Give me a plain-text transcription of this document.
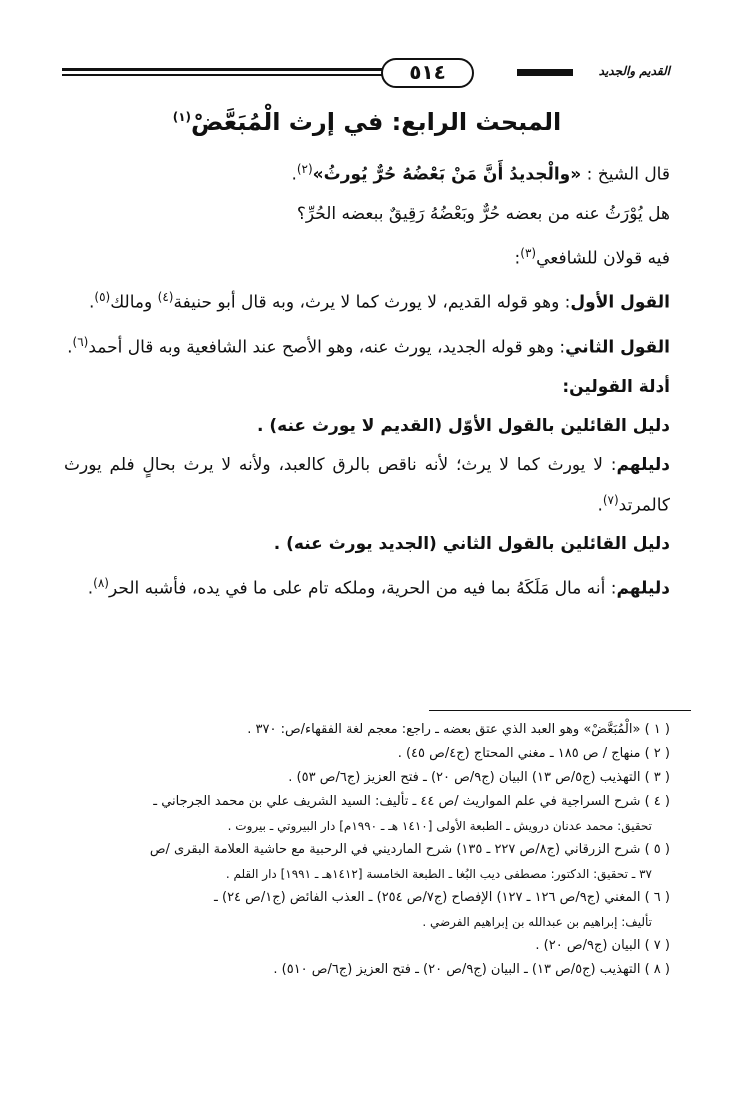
القديم والجديد
٥١٤
المبحث الرابع: في إرث الْمُبَعَّضْ$^{(١)}$
قال الشيخ : «والْجديدُ أَنَّ مَنْ بَعْضُهُ حُرٌّ يُورثُ»$^{(٢)}$.
هل يُوْرَثُ عنه من بعضه حُرٌّ وبَعْضُهُ رَقِيقٌ ببعضه الحُرِّ؟
فيه قولان للشافعي$^{(٣)}$:
القول الأول: وهو قوله القديم، لا يورث كما لا يرث، وبه قال أبو حنيفة$^{(٤)}$ ومالك$^{(٥)}$.
القول الثاني: وهو قوله الجديد، يورث عنه، وهو الأصح عند الشافعية وبه قال أحمد$^{(٦)}$.
أدلة القولين:
دليل القائلين بالقول الأوّل (القديم لا يورث عنه) .
دليلهم: لا يورث كما لا يرث؛ لأنه ناقص بالرق كالعبد، ولأنه لا يرث بحالٍ فلم يورث كالمرتد$^{(٧)}$.
دليل القائلين بالقول الثاني (الجديد يورث عنه) .
دليلهم: أنه مال مَلَكَهُ بما فيه من الحرية، وملكه تام على ما في يده، فأشبه الحر$^{(٨)}$.

( ١ ) «الْمُبَعَّضْ» وهو العبد الذي عتق بعضه ـ راجع: معجم لغة الفقهاء/ص: ٣٧٠ .

( ٢ ) منهاج / ص ١٨٥ ـ مغني المحتاج (ج٤/ص ٤٥) .

( ٣ ) التهذيب (ج٥/ص ١٣) البيان (ج٩/ص ٢٠) ـ فتح العزيز (ج٦/ص ٥٣) .

( ٤ ) شرح السراجية في علم المواريث /ص ٤٤ ـ تأليف: السيد الشريف علي بن محمد الجرجاني ـ

تحقيق: محمد عدنان درويش ـ الطبعة الأولى [١٤١٠ هـ ـ ١٩٩٠م] دار البيروتي ـ بيروت .

( ٥ ) شرح الزرقاني (ج٨/ص ٢٢٧ ـ ١٣٥) شرح المارديني في الرحبية مع حاشية العلامة البقرى /ص

٣٧ ـ تحقيق: الدكتور: مصطفى ديب البُغا ـ الطبعة الخامسة [١٤١٢هـ ـ ١٩٩١] دار القلم .

( ٦ ) المغني (ج٩/ص ١٢٦ ـ ١٢٧) الإفصاح (ج٧/ص ٢٥٤) ـ العذب الفائض (ج١/ص ٢٤) ـ

تأليف: إبراهيم بن عبدالله بن إبراهيم الفرضي .

( ٧ ) البيان (ج٩/ص ٢٠) .

( ٨ ) التهذيب (ج٥/ص ١٣) ـ البيان (ج٩/ص ٢٠) ـ فتح العزيز (ج٦/ص ٥١٠) .
